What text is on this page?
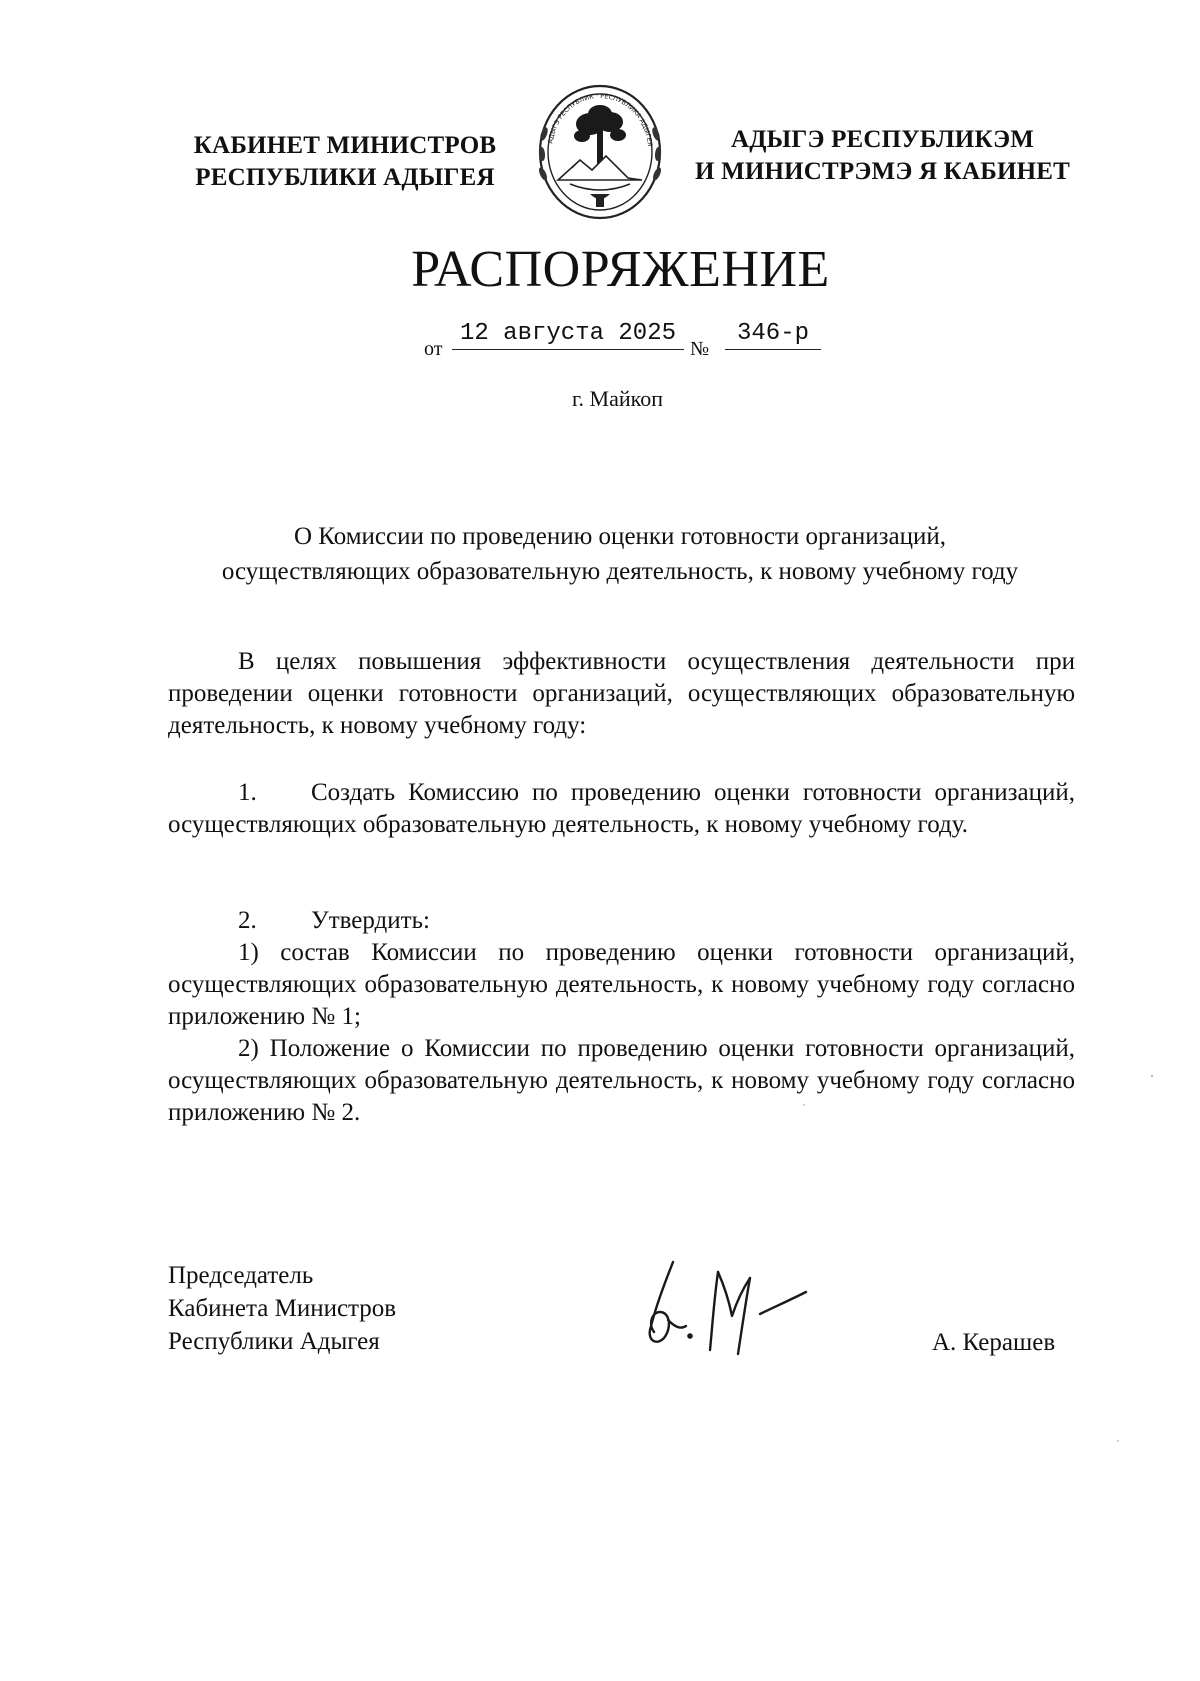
КАБИНЕТ МИНИСТРОВ
РЕСПУБЛИКИ АДЫГЕЯ
АДЫГЭ РЕСПУБЛИК · РЕСПУБЛИКА АДЫГЕЯ	АДЫГЭ РЕСПУБЛИКЭМ
И МИНИСТРЭМЭ Я КАБИНЕТ
РАСПОРЯЖЕНИЕ
от
12 августа 2025
№
346-р
г. Майкоп
О Комиссии по проведению оценки готовности организаций,
осуществляющих образовательную деятельность, к новому учебному году
В целях повышения эффективности осуществления деятельности при проведении оценки готовности организаций, осуществляющих образовательную деятельность, к новому учебному году:
1. Создать Комиссию по проведению оценки готовности организаций, осуществляющих образовательную деятельность, к новому учебному году.
2. Утвердить:
1) состав Комиссии по проведению оценки готовности организаций, осуществляющих образовательную деятельность, к новому учебному году согласно приложению № 1;
2) Положение о Комиссии по проведению оценки готовности организаций, осуществляющих образовательную деятельность, к новому учебному году согласно приложению № 2.
Председатель
Кабинета Министров
Республики Адыгея	А. Керашев
